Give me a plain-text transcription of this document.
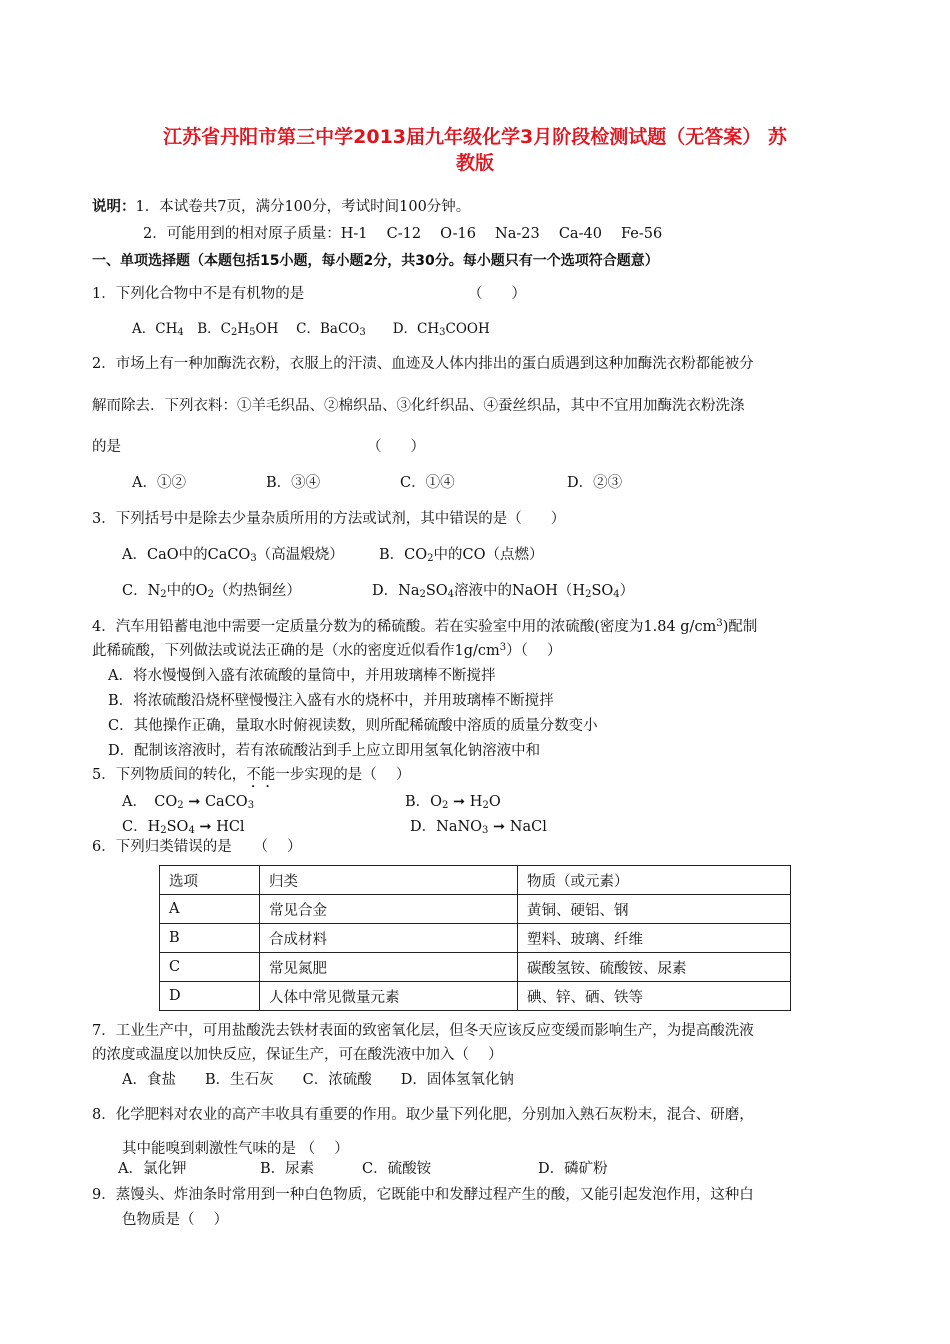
江苏省丹阳市第三中学2013届九年级化学3月阶段检测试题（无答案） 苏
教版
说明：1．本试卷共7页，满分100分，考试时间100分钟。
2．可能用到的相对原子质量：H-1　 C-12　 O-16　 Na-23　 Ca-40　 Fe-56
一、单项选择题（本题包括15小题，每小题2分，共30分。每小题只有一个选项符合题意）
1．下列化合物中不是有机物的是	（　　）
A．$CH_4$　B．$C_2H_5OH$　 C．BaCO$_3$　　D．$CH_3COOH$
2．市场上有一种加酶洗衣粉，衣服上的汗渍、血迹及人体内排出的蛋白质遇到这种加酶洗衣粉都能被分
解而除去．下列衣料：①羊毛织品、②棉织品、③化纤织品、④蚕丝织品，其中不宜用加酶洗衣粉洗涤
的是	（　　）
A．①②	B．③④	C．①④	D．②③
3．下列括号中是除去少量杂质所用的方法或试剂，其中错误的是（　　）
A．CaO中的CaCO$_3$（高温煅烧） B．$CO_2$中的CO（点燃）
C．$N_2$中的$O_2$（灼热铜丝）	D．$Na_2SO_4$溶液中的$NaOH(H_2SO_4)$
4．汽车用铅蓄电池中需要一定质量分数为的稀硫酸。若在实验室中用的浓硫酸(密度为1.84 $g/cm^3$)配制
此稀硫酸，下列做法或说法正确的是（水的密度近似看作$1g/cm^3$）（　 ）
A．将水慢慢倒入盛有浓硫酸的量筒中，并用玻璃棒不断搅拌
B．将浓硫酸沿烧杯壁慢慢注入盛有水的烧杯中，并用玻璃棒不断搅拌
C．其他操作正确，量取水时俯视读数，则所配稀硫酸中溶质的质量分数变小
D．配制该溶液时，若有浓硫酸沾到手上应立即用氢氧化钠溶液中和
5．下列物质间的转化，不能一步实现的是（　 ）
A．　$CO_2$ ➞ CaCO$_3$	B．$O_2$ ➞ $H_2O$
C．$H_2SO_4$ ➞ HCl	D．NaNO$_3$ ➞ NaCl
6．下列归类错误的是　　（　 ）
选项	归类	物质（或元素）
A	常见合金	黄铜、硬铝、钢
B	合成材料	塑料、玻璃、纤维
C	常见氮肥	碳酸氢铵、硫酸铵、尿素
D	人体中常见微量元素	碘、锌、硒、铁等
7．工业生产中，可用盐酸洗去铁材表面的致密氧化层，但冬天应该反应变缓而影响生产，为提高酸洗液
的浓度或温度以加快反应，保证生产，可在酸洗液中加入（　 ）
A．食盐　　B．生石灰　　C．浓硫酸　　D．固体氢氧化钠
8．化学肥料对农业的高产丰收具有重要的作用。取少量下列化肥，分别加入熟石灰粉末，混合、研磨，
其中能嗅到刺激性气味的是 （　 ）
A．氯化钾	B．尿素	C．硫酸铵	D．磷矿粉
9．蒸馒头、炸油条时常用到一种白色物质，它既能中和发酵过程产生的酸，又能引起发泡作用，这种白
色物质是（　 ）
